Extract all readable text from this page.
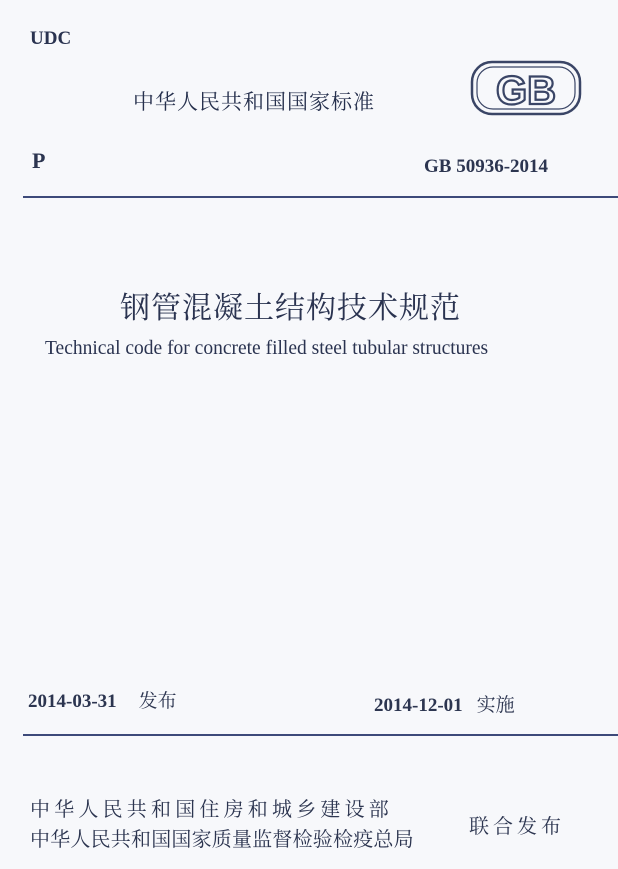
UDC
中华人民共和国国家标准	GB
P	GB 50936-2014
钢管混凝土结构技术规范
Technical code for concrete filled steel tubular structures
2014-03-31 发布	2014-12-01 实施
中华人民共和国住房和城乡建设部
中华人民共和国国家质量监督检验检疫总局
联合发布
